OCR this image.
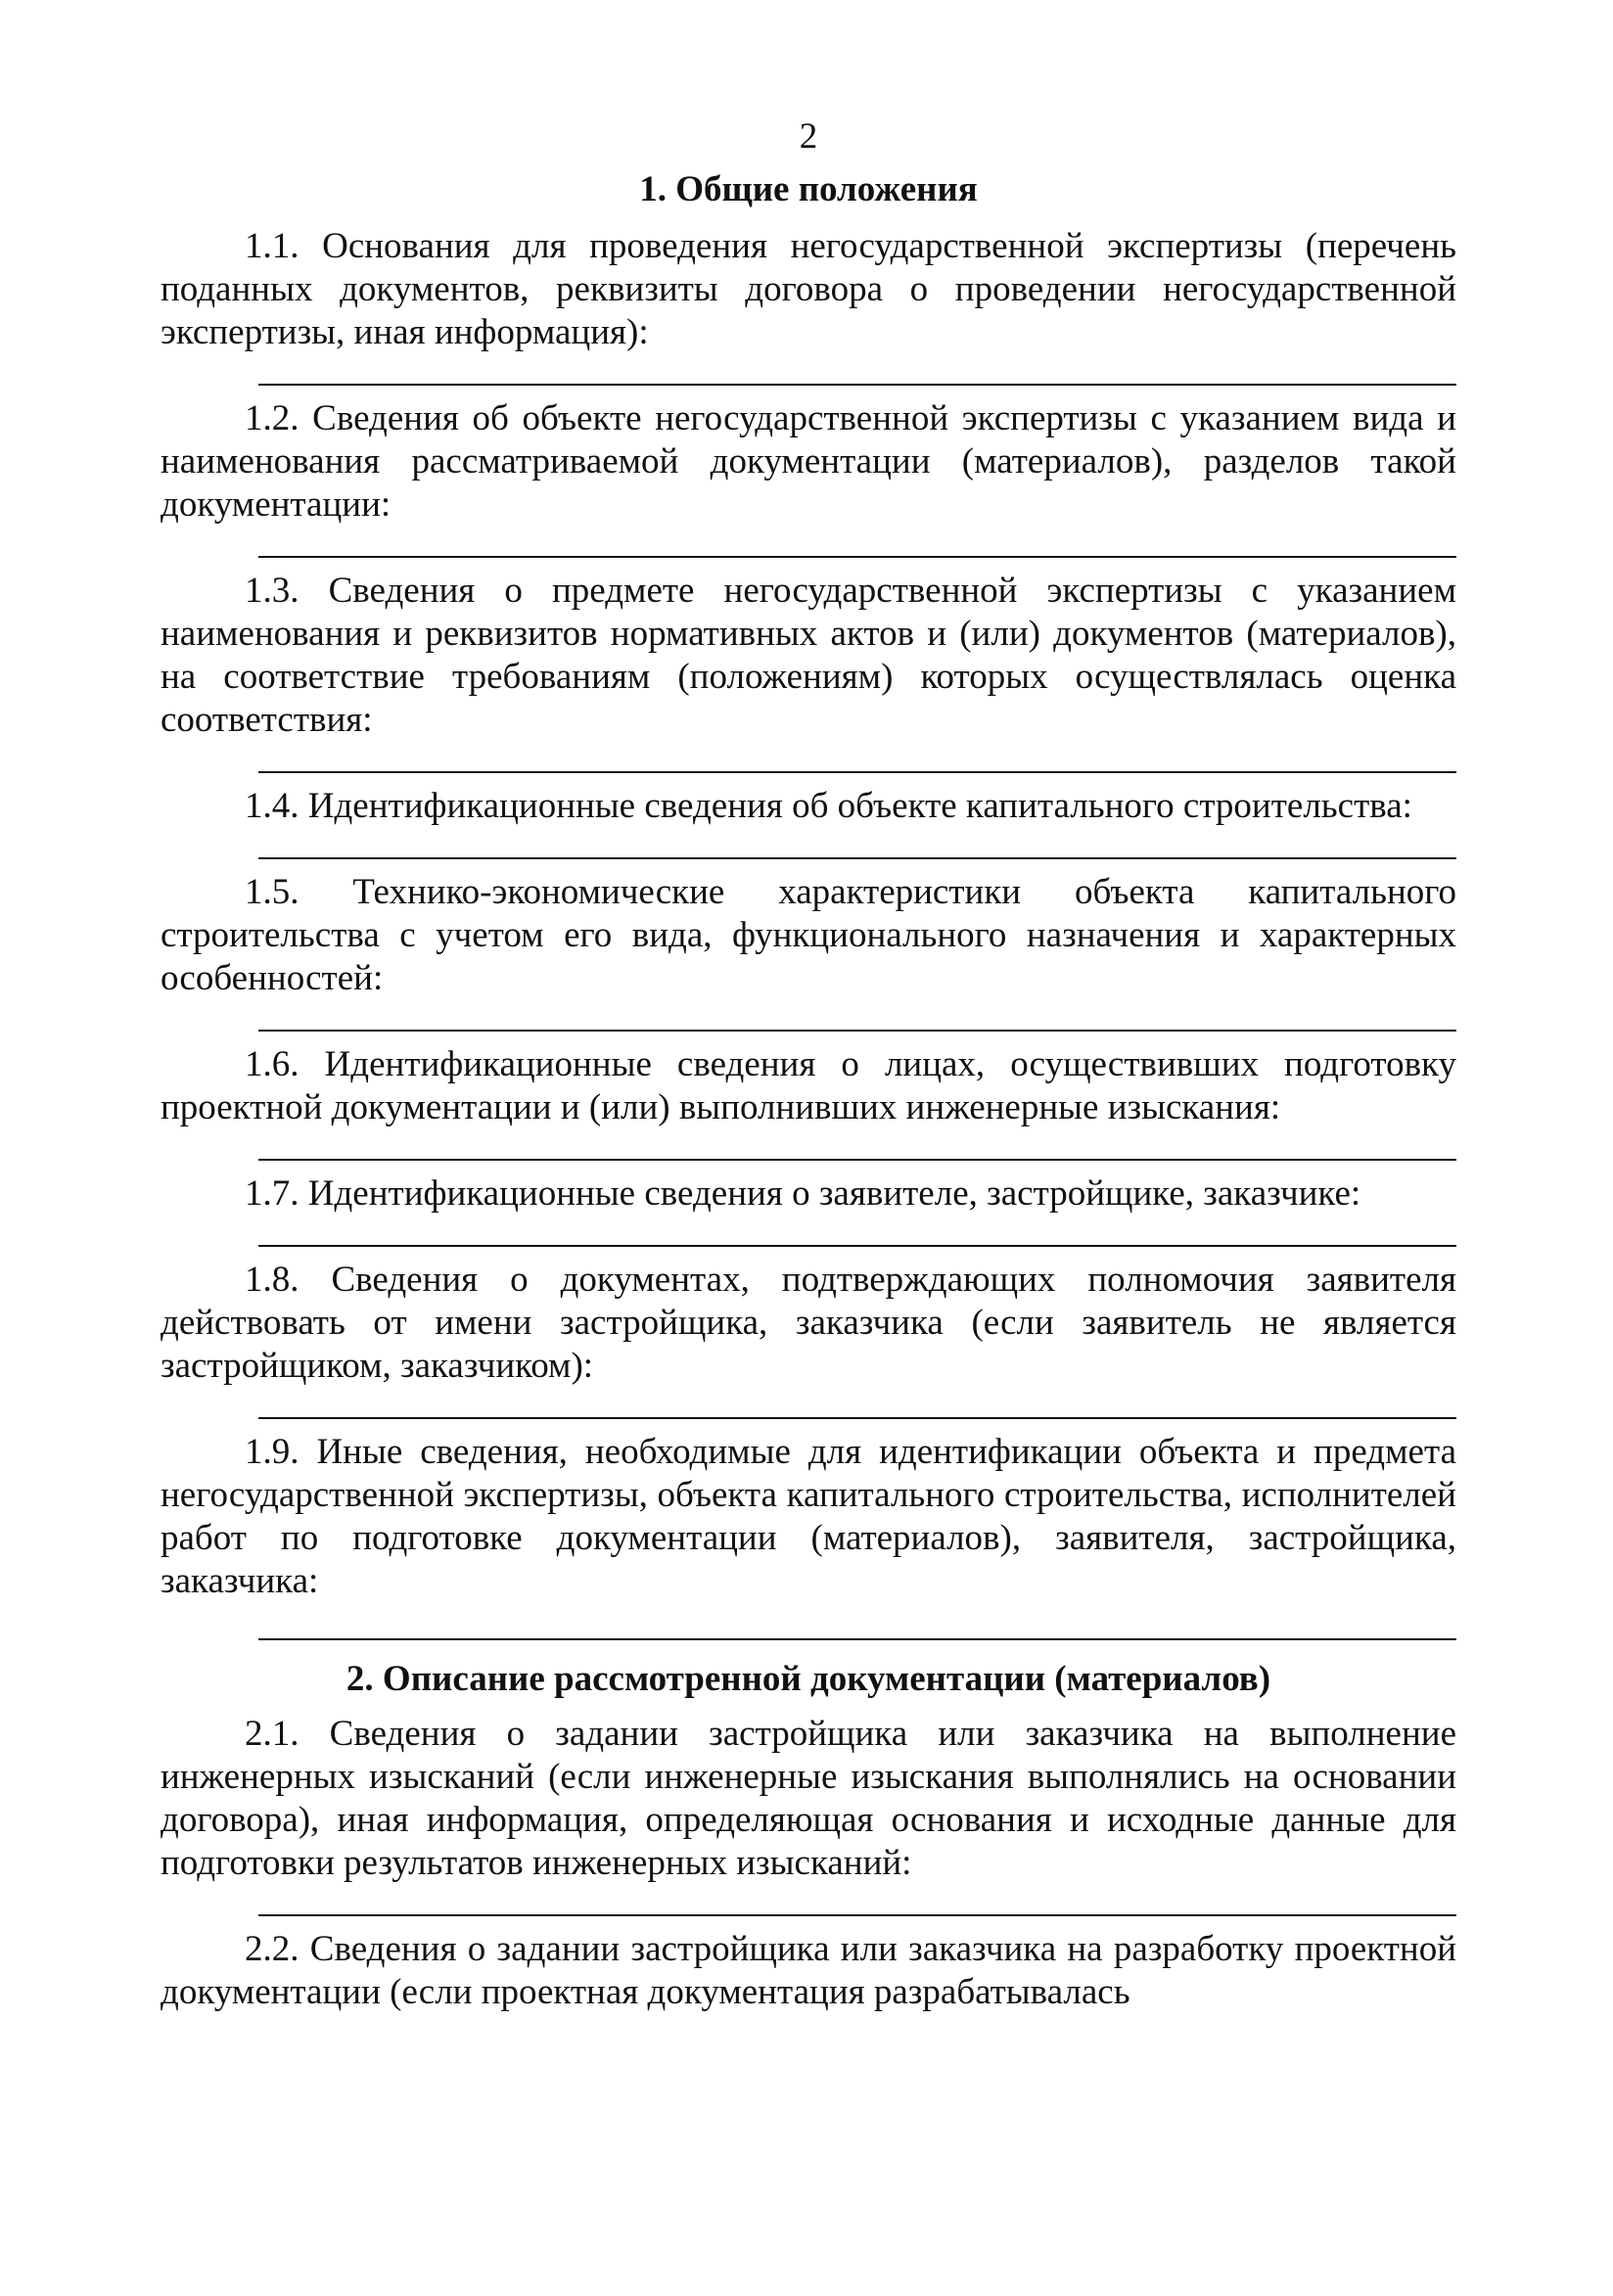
2

1. Общие положения

1.1. Основания для проведения негосударственной экспертизы (перечень поданных документов, реквизиты договора о проведении негосударственной экспертизы, иная информация):

1.2. Сведения об объекте негосударственной экспертизы с указанием вида и наименования рассматриваемой документации (материалов), разделов такой документации:

1.3. Сведения о предмете негосударственной экспертизы с указанием наименования и реквизитов нормативных актов и (или) документов (материалов), на соответствие требованиям (положениям) которых осуществлялась оценка соответствия:

1.4. Идентификационные сведения об объекте капитального строительства:

1.5. Технико-экономические характеристики объекта капитального строительства с учетом его вида, функционального назначения и характерных особенностей:

1.6. Идентификационные сведения о лицах, осуществивших подготовку проектной документации и (или) выполнивших инженерные изыскания:

1.7. Идентификационные сведения о заявителе, застройщике, заказчике:

1.8. Сведения о документах, подтверждающих полномочия заявителя действовать от имени застройщика, заказчика (если заявитель не является застройщиком, заказчиком):

1.9. Иные сведения, необходимые для идентификации объекта и предмета негосударственной экспертизы, объекта капитального строительства, исполнителей работ по подготовке документации (материалов), заявителя, застройщика, заказчика:

2. Описание рассмотренной документации (материалов)

2.1. Сведения о задании застройщика или заказчика на выполнение инженерных изысканий (если инженерные изыскания выполнялись на основании договора), иная информация, определяющая основания и исходные данные для подготовки результатов инженерных изысканий:

2.2. Сведения о задании застройщика или заказчика на разработку проектной документации (если проектная документация разрабатывалась
